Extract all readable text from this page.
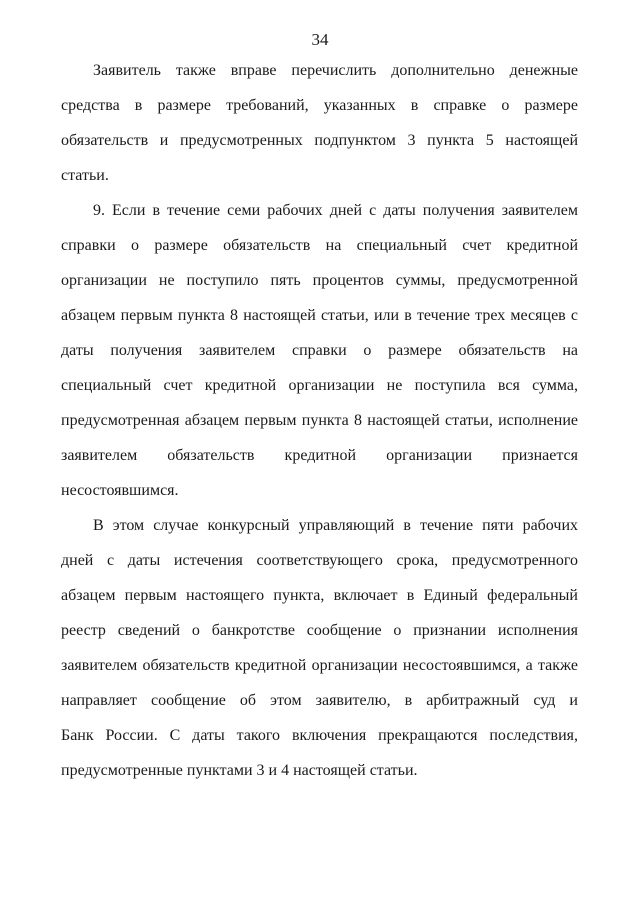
34
Заявитель также вправе перечислить дополнительно денежные
средства в размере требований, указанных в справке о размере
обязательств и предусмотренных подпунктом 3 пункта 5 настоящей
статьи.
9. Если в течение семи рабочих дней с даты получения заявителем
справки о размере обязательств на специальный счет кредитной
организации не поступило пять процентов суммы, предусмотренной
абзацем первым пункта 8 настоящей статьи, или в течение трех месяцев с
даты получения заявителем справки о размере обязательств на
специальный счет кредитной организации не поступила вся сумма,
предусмотренная абзацем первым пункта 8 настоящей статьи, исполнение
заявителем обязательств кредитной организации признается
несостоявшимся.
В этом случае конкурсный управляющий в течение пяти рабочих
дней с даты истечения соответствующего срока, предусмотренного
абзацем первым настоящего пункта, включает в Единый федеральный
реестр сведений о банкротстве сообщение о признании исполнения
заявителем обязательств кредитной организации несостоявшимся, а также
направляет сообщение об этом заявителю, в арбитражный суд и
Банк России. С даты такого включения прекращаются последствия,
предусмотренные пунктами 3 и 4 настоящей статьи.
